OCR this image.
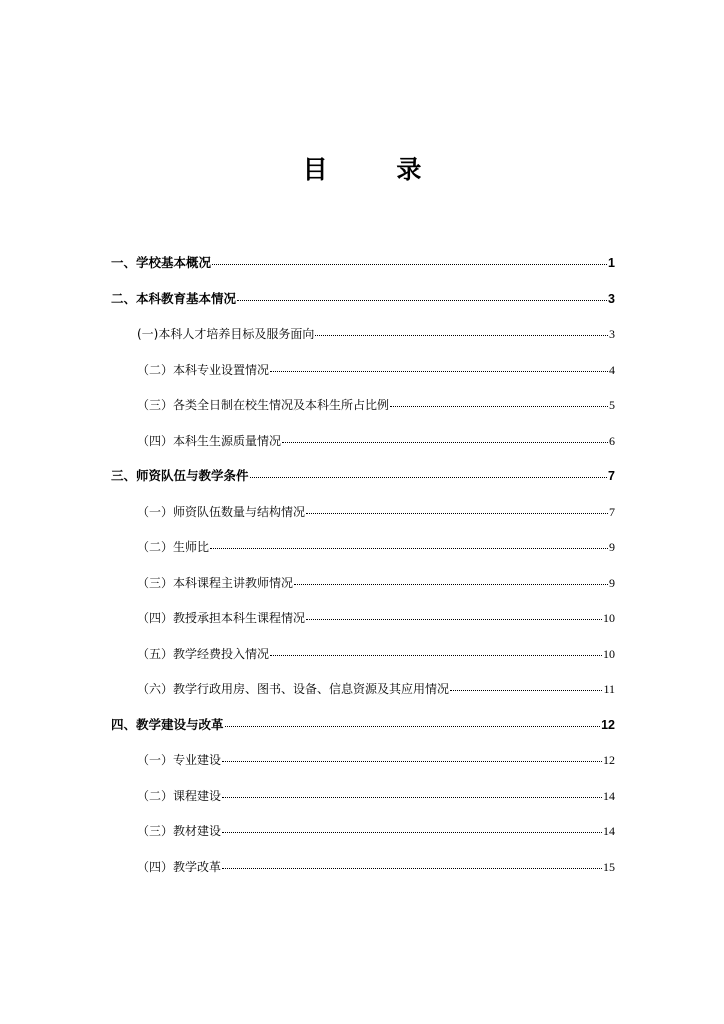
目 录
一、学校基本概况	1
二、本科教育基本情况	3
(一)本科人才培养目标及服务面向	3
（二）本科专业设置情况	4
（三）各类全日制在校生情况及本科生所占比例	5
（四）本科生生源质量情况	6
三、师资队伍与教学条件	7
（一）师资队伍数量与结构情况	7
（二）生师比	9
（三）本科课程主讲教师情况	9
（四）教授承担本科生课程情况	10
（五）教学经费投入情况	10
（六）教学行政用房、图书、设备、信息资源及其应用情况	11
四、教学建设与改革	12
（一）专业建设	12
（二）课程建设	14
（三）教材建设	14
（四）教学改革	15
